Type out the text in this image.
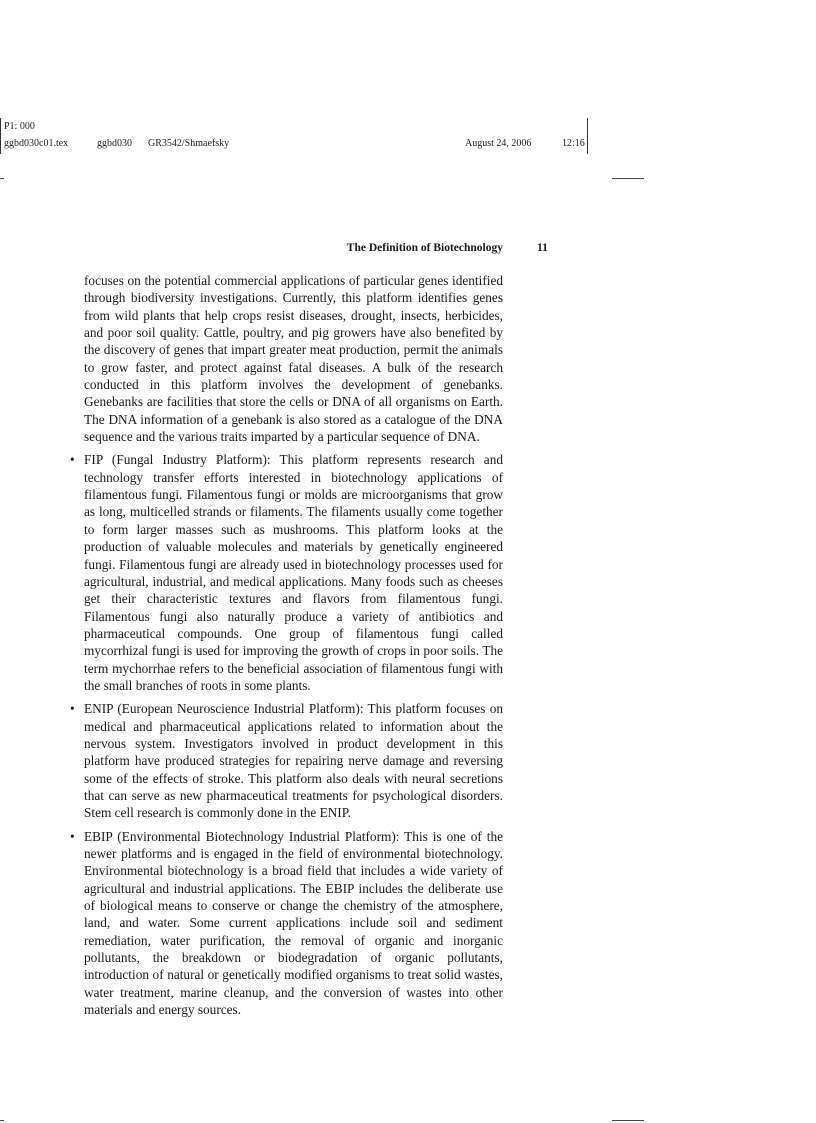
P1: 000
ggbd030c01.tex	ggbd030 GR3542/Shmaefsky	August 24, 2006	12:16
The Definition of Biotechnology	11

focuses on the potential commercial applications of particular genes identified through biodiversity investigations. Currently, this platform identifies genes from wild plants that help crops resist diseases, drought, insects, herbicides, and poor soil quality. Cattle, poultry, and pig growers have also benefited by the discovery of genes that impart greater meat production, permit the animals to grow faster, and protect against fatal diseases. A bulk of the research conducted in this platform involves the development of genebanks. Genebanks are facilities that store the cells or DNA of all organisms on Earth. The DNA information of a genebank is also stored as a catalogue of the DNA sequence and the various traits imparted by a particular sequence of DNA.

• FIP (Fungal Industry Platform): This platform represents research and technology transfer efforts interested in biotechnology applications of filamentous fungi. Filamentous fungi or molds are microorganisms that grow as long, multicelled strands or filaments. The filaments usually come together to form larger masses such as mushrooms. This platform looks at the production of valuable molecules and materials by genetically engineered fungi. Filamentous fungi are already used in biotechnology processes used for agricultural, industrial, and medical applications. Many foods such as cheeses get their characteristic textures and flavors from filamentous fungi. Filamentous fungi also naturally produce a variety of antibiotics and pharmaceutical compounds. One group of filamentous fungi called mycorrhizal fungi is used for improving the growth of crops in poor soils. The term mychorrhae refers to the beneficial association of filamentous fungi with the small branches of roots in some plants.

• ENIP (European Neuroscience Industrial Platform): This platform focuses on medical and pharmaceutical applications related to information about the nervous system. Investigators involved in product development in this platform have produced strategies for repairing nerve damage and reversing some of the effects of stroke. This platform also deals with neural secretions that can serve as new pharmaceutical treatments for psychological disorders. Stem cell research is commonly done in the ENIP.

• EBIP (Environmental Biotechnology Industrial Platform): This is one of the newer platforms and is engaged in the field of environmental biotechnology. Environmental biotechnology is a broad field that includes a wide variety of agricultural and industrial applications. The EBIP includes the deliberate use of biological means to conserve or change the chemistry of the atmosphere, land, and water. Some current applications include soil and sediment remediation, water purification, the removal of organic and inorganic pollutants, the breakdown or biodegradation of organic pollutants, introduction of natural or genetically modified organisms to treat solid wastes, water treatment, marine cleanup, and the conversion of wastes into other materials and energy sources.
